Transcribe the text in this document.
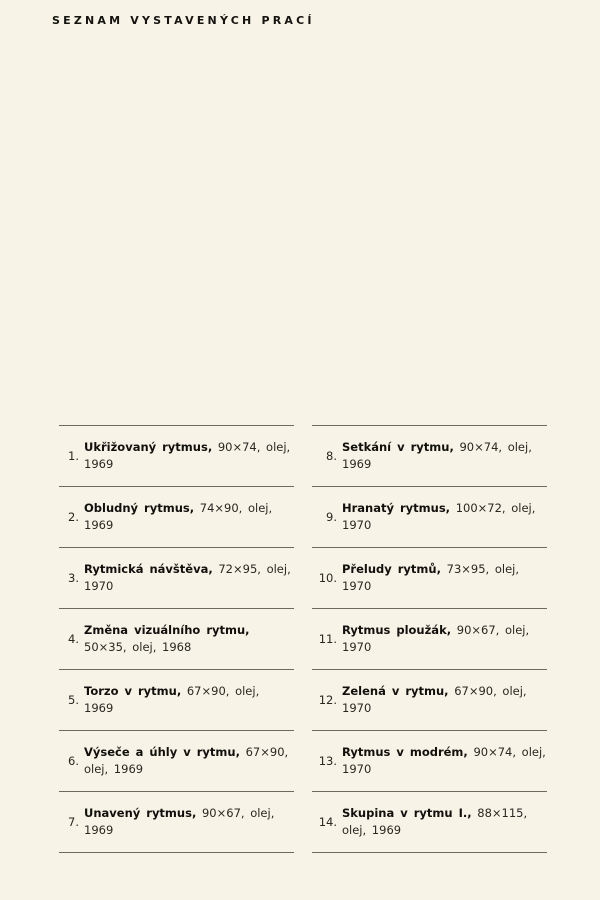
SEZNAM VYSTAVENÝCH PRACÍ
1.
Ukřižovaný rytmus, 90×74, olej, 1969
2.
Obludný rytmus, 74×90, olej, 1969
3.
Rytmická návštěva, 72×95, olej, 1970
4.
Změna vizuálního rytmu, 50×35, olej, 1968
5.
Torzo v rytmu, 67×90, olej, 1969
6.
Výseče a úhly v rytmu, 67×90, olej, 1969
7.
Unavený rytmus, 90×67, olej, 1969
8.
Setkání v rytmu, 90×74, olej, 1969
9.
Hranatý rytmus, 100×72, olej, 1970
10.
Přeludy rytmů, 73×95, olej, 1970
11.
Rytmus ploužák, 90×67, olej, 1970
12.
Zelená v rytmu, 67×90, olej, 1970
13.
Rytmus v modrém, 90×74, olej, 1970
14.
Skupina v rytmu I., 88×115, olej, 1969
